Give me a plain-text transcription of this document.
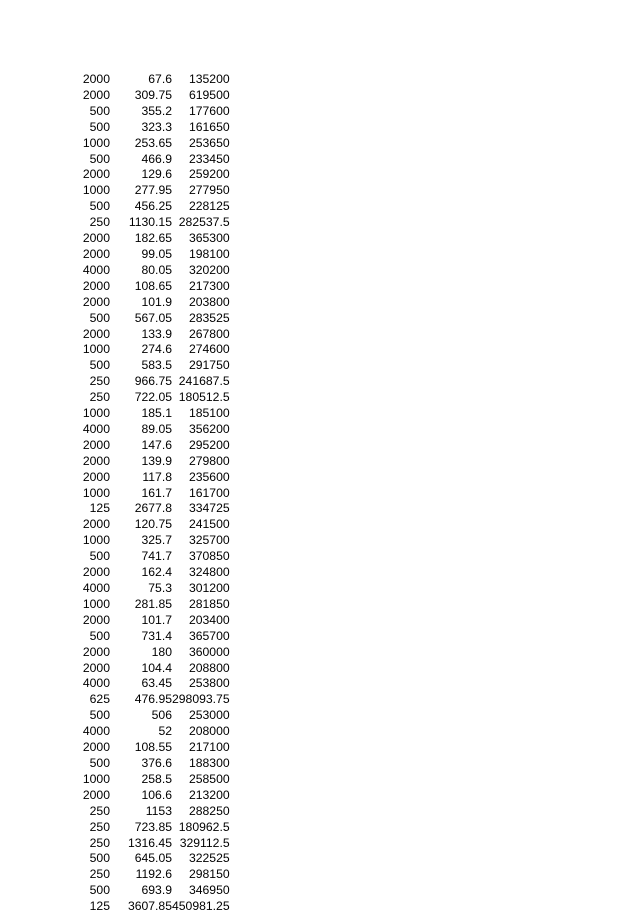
2000	67.6	135200
2000	309.75	619500
500	355.2	177600
500	323.3	161650
1000	253.65	253650
500	466.9	233450
2000	129.6	259200
1000	277.95	277950
500	456.25	228125
250	1130.15	282537.5
2000	182.65	365300
2000	99.05	198100
4000	80.05	320200
2000	108.65	217300
2000	101.9	203800
500	567.05	283525
2000	133.9	267800
1000	274.6	274600
500	583.5	291750
250	966.75	241687.5
250	722.05	180512.5
1000	185.1	185100
4000	89.05	356200
2000	147.6	295200
2000	139.9	279800
2000	117.8	235600
1000	161.7	161700
125	2677.8	334725
2000	120.75	241500
1000	325.7	325700
500	741.7	370850
2000	162.4	324800
4000	75.3	301200
1000	281.85	281850
2000	101.7	203400
500	731.4	365700
2000	180	360000
2000	104.4	208800
4000	63.45	253800
625	476.95	298093.75
500	506	253000
4000	52	208000
2000	108.55	217100
500	376.6	188300
1000	258.5	258500
2000	106.6	213200
250	1153	288250
250	723.85	180962.5
250	1316.45	329112.5
500	645.05	322525
250	1192.6	298150
500	693.9	346950
125	3607.85	450981.25
